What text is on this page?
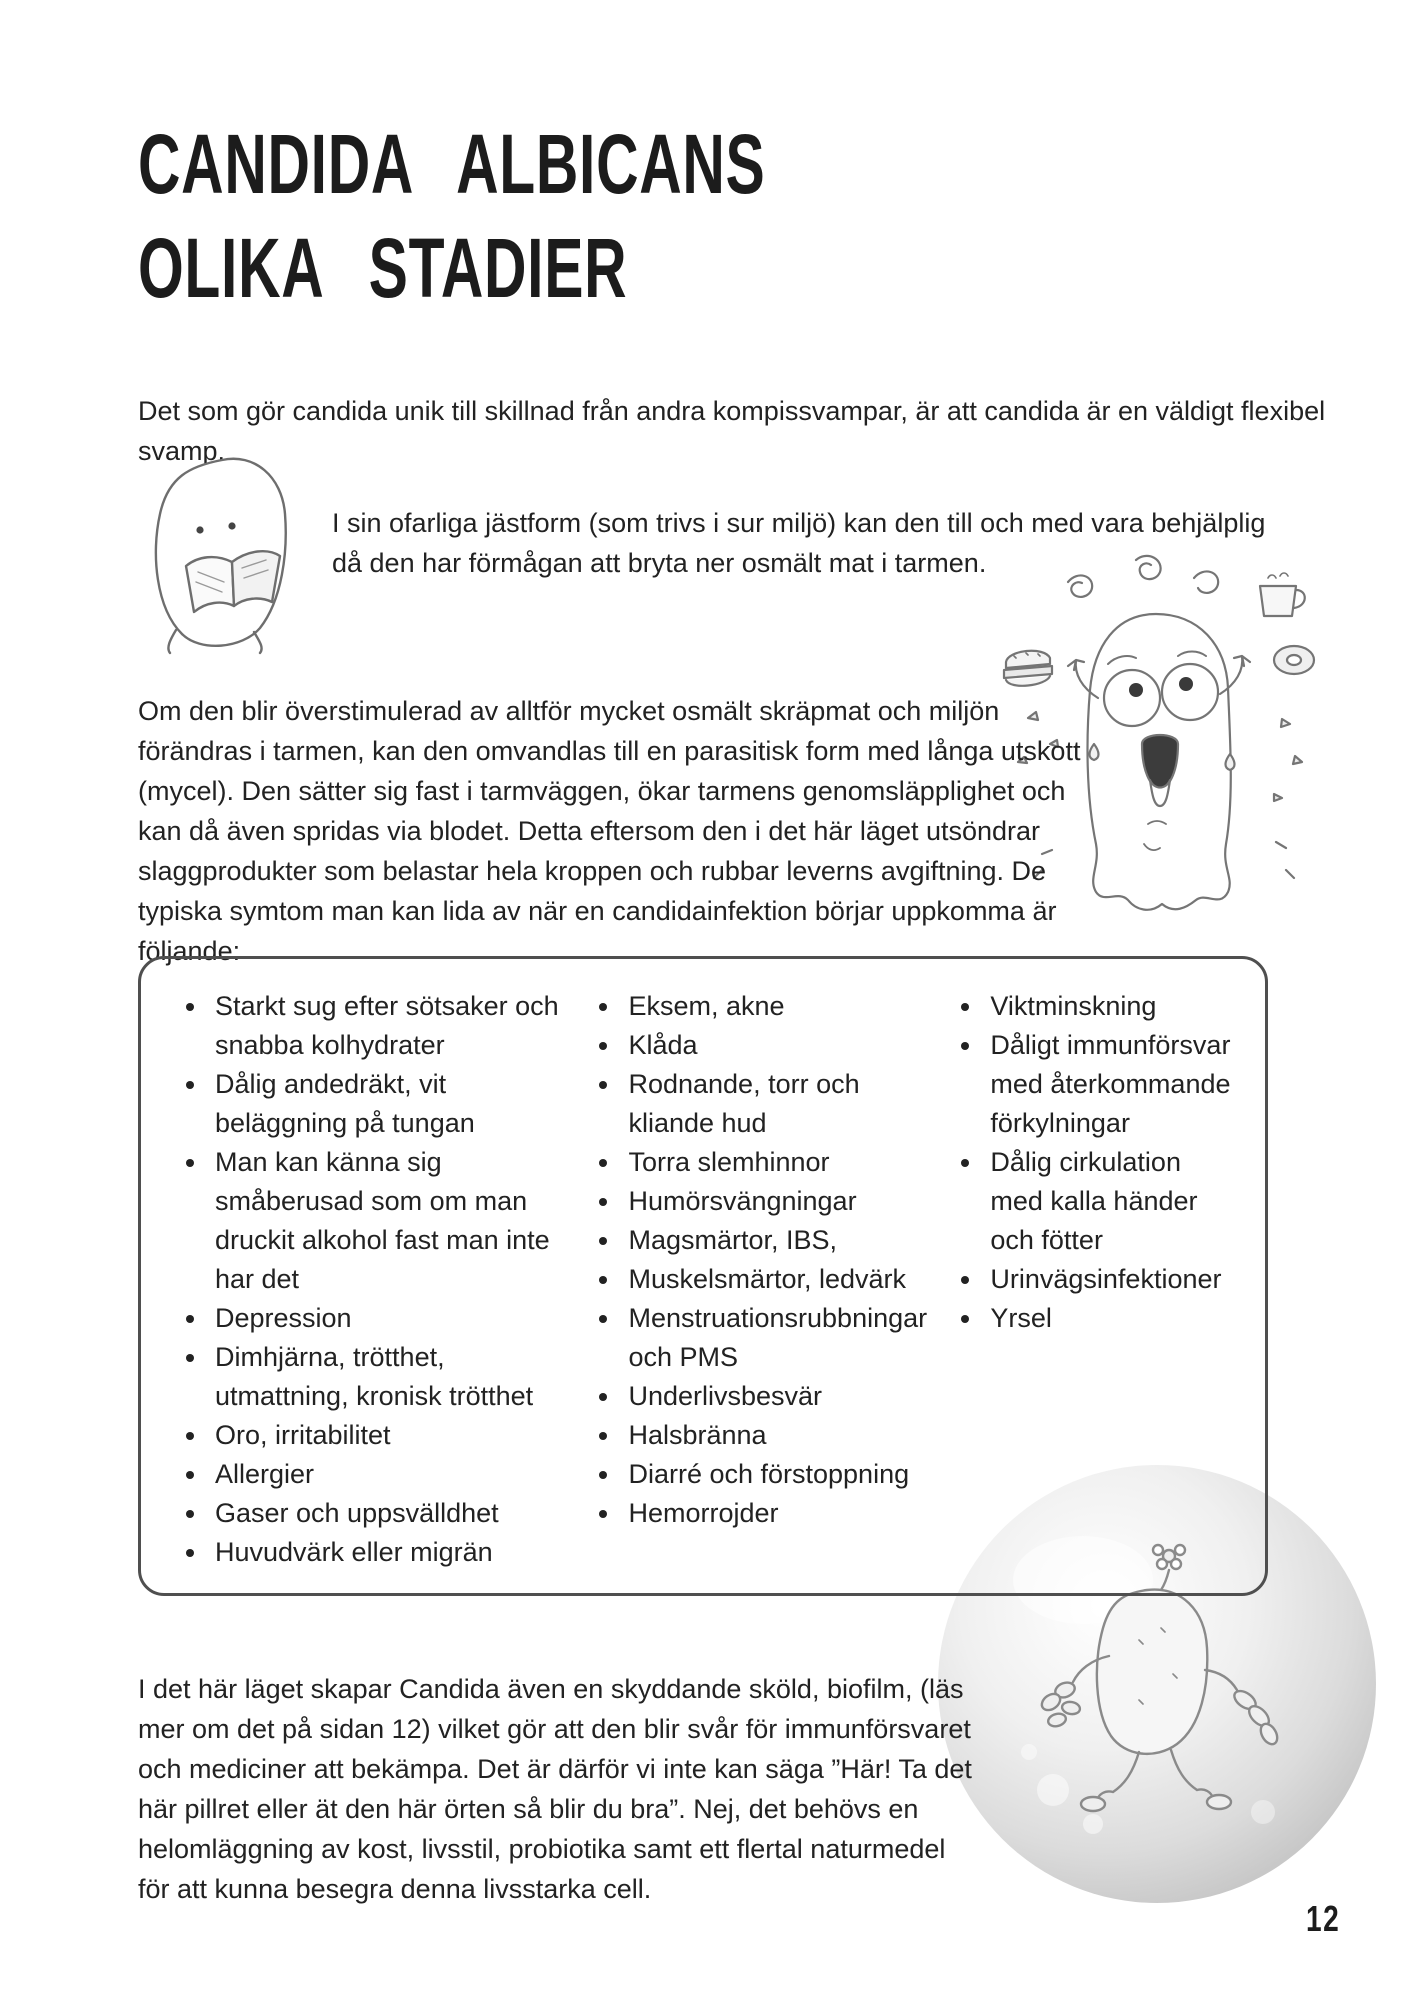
CANDIDA ALBICANS
OLIKA STADIER

Det som gör candida unik till skillnad från andra kompissvampar, är att candida är en väldigt flexibel svamp.

I sin ofarliga jästform (som trivs i sur miljö) kan den till och med vara behjälplig då den har förmågan att bryta ner osmält mat i tarmen.

Om den blir överstimulerad av alltför mycket osmält skräpmat och miljön förändras i tarmen, kan den omvandlas till en parasitisk form med långa utskott (mycel). Den sätter sig fast i tarmväggen, ökar tarmens genomsläpplighet och kan då även spridas via blodet. Detta eftersom den i det här läget utsöndrar slaggprodukter som belastar hela kroppen och rubbar leverns avgiftning. De typiska symtom man kan lida av när en candidainfektion börjar uppkomma är följande:

• Starkt sug efter sötsaker och snabba kolhydrater
• Dålig andedräkt, vit beläggning på tungan
• Man kan känna sig småberusad som om man druckit alkohol fast man inte har det
• Depression
• Dimhjärna, trötthet, utmattning, kronisk trötthet
• Oro, irritabilitet
• Allergier
• Gaser och uppsvälldhet
• Huvudvärk eller migrän
• Eksem, akne
• Klåda
• Rodnande, torr och kliande hud
• Torra slemhinnor
• Humörsvängningar
• Magsmärtor, IBS,
• Muskelsmärtor, ledvärk
• Menstruationsrubbningar och PMS
• Underlivsbesvär
• Halsbränna
• Diarré och förstoppning
• Hemorrojder
• Viktminskning
• Dåligt immunförsvar med återkommande förkylningar
• Dålig cirkulation med kalla händer och fötter
• Urinvägsinfektioner
• Yrsel

I det här läget skapar Candida även en skyddande sköld, biofilm, (läs mer om det på sidan 12) vilket gör att den blir svår för immunförsvaret och mediciner att bekämpa. Det är därför vi inte kan säga ”Här! Ta det här pillret eller ät den här örten så blir du bra”. Nej, det behövs en helomläggning av kost, livsstil, probiotika samt ett flertal naturmedel för att kunna besegra denna livsstarka cell.

12
